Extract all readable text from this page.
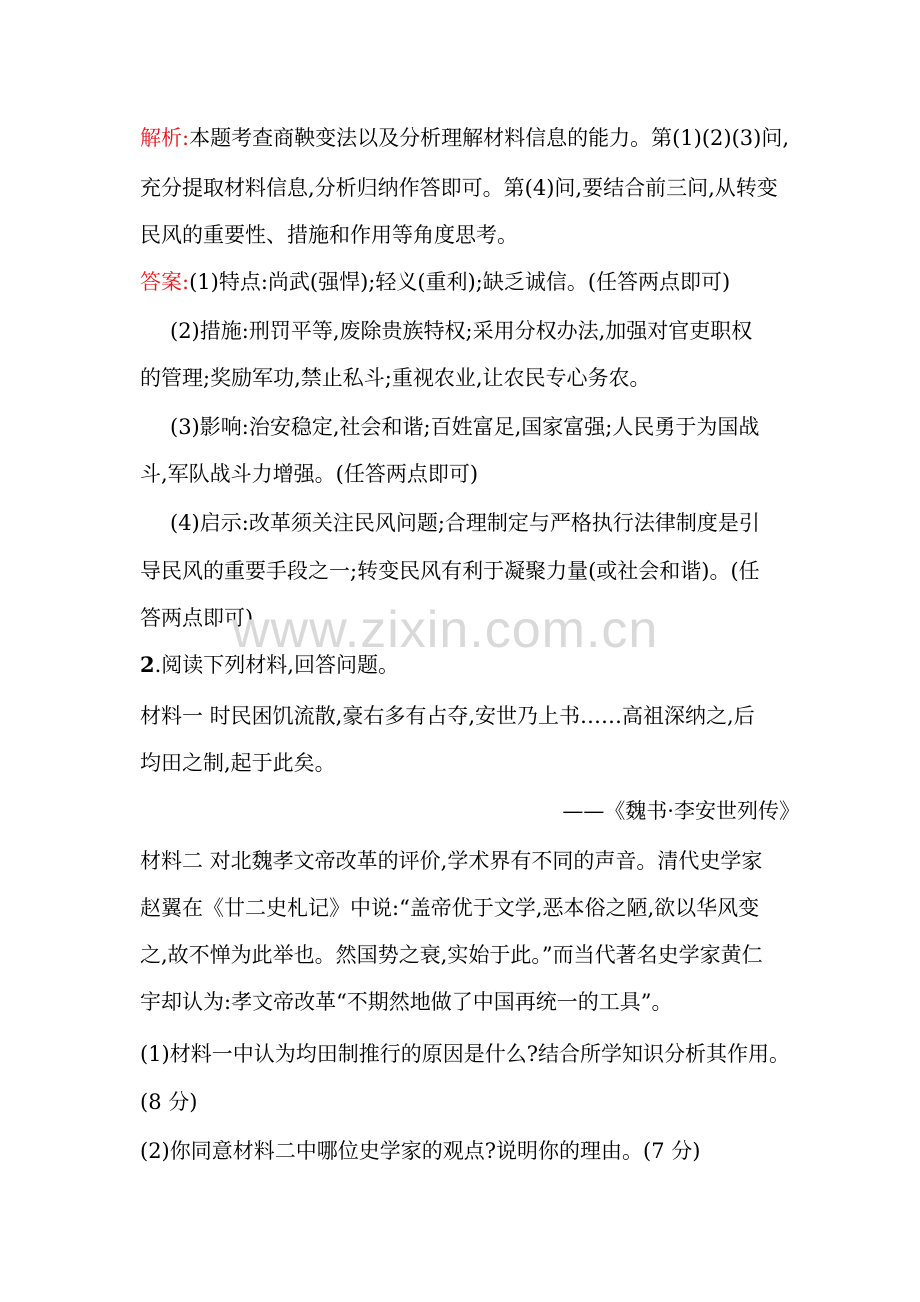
解析:本题考查商鞅变法以及分析理解材料信息的能力。第(1)(2)(3)问,
充分提取材料信息,分析归纳作答即可。第(4)问,要结合前三问,从转变
民风的重要性、措施和作用等角度思考。
答案:(1)特点:尚武(强悍);轻义(重利);缺乏诚信。(任答两点即可)
(2)措施:刑罚平等,废除贵族特权;采用分权办法,加强对官吏职权
的管理;奖励军功,禁止私斗;重视农业,让农民专心务农。
(3)影响:治安稳定,社会和谐;百姓富足,国家富强;人民勇于为国战
斗,军队战斗力增强。(任答两点即可)
(4)启示:改革须关注民风问题;合理制定与严格执行法律制度是引
导民风的重要手段之一;转变民风有利于凝聚力量(或社会和谐)。(任
答两点即可)
2.阅读下列材料,回答问题。
材料一 时民困饥流散,豪右多有占夺,安世乃上书……高祖深纳之,后
均田之制,起于此矣。
——《魏书·李安世列传》
材料二 对北魏孝文帝改革的评价,学术界有不同的声音。清代史学家
赵翼在《廿二史札记》中说:“盖帝优于文学,恶本俗之陋,欲以华风变
之,故不惮为此举也。然国势之衰,实始于此。”而当代著名史学家黄仁
宇却认为:孝文帝改革“不期然地做了中国再统一的工具”。
(1)材料一中认为均田制推行的原因是什么?结合所学知识分析其作用。
(8 分)
(2)你同意材料二中哪位史学家的观点?说明你的理由。(7 分)
www.zixin.com.cn
